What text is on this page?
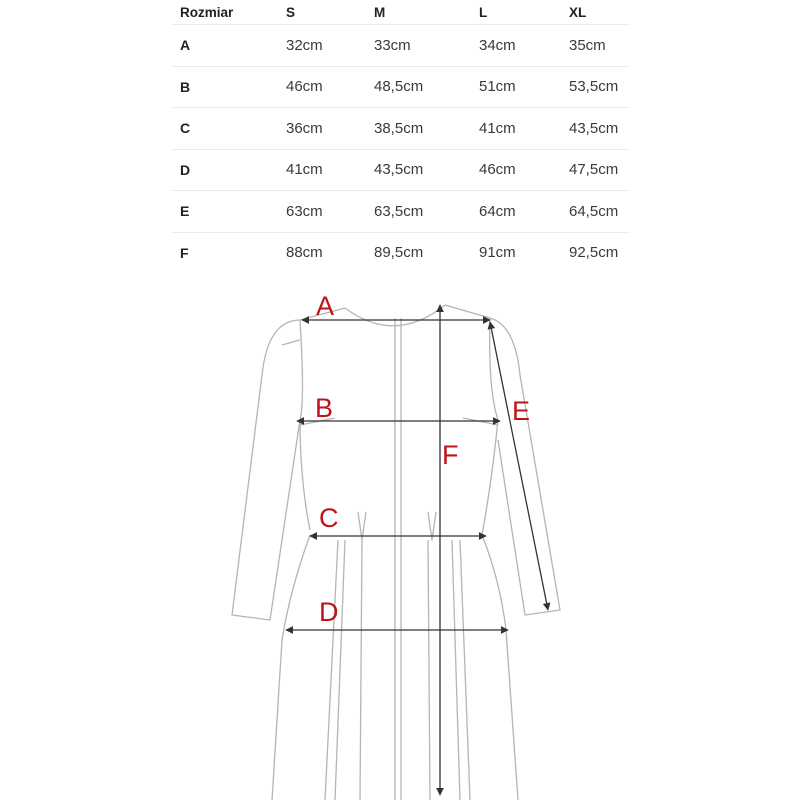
Rozmiar	S	M	L	XL
A	32cm	33cm	34cm	35cm
B	46cm	48,5cm	51cm	53,5cm
C	36cm	38,5cm	41cm	43,5cm
D	41cm	43,5cm	46cm	47,5cm
E	63cm	63,5cm	64cm	64,5cm
F	88cm	89,5cm	91cm	92,5cm
A
B
C
D
E
F
